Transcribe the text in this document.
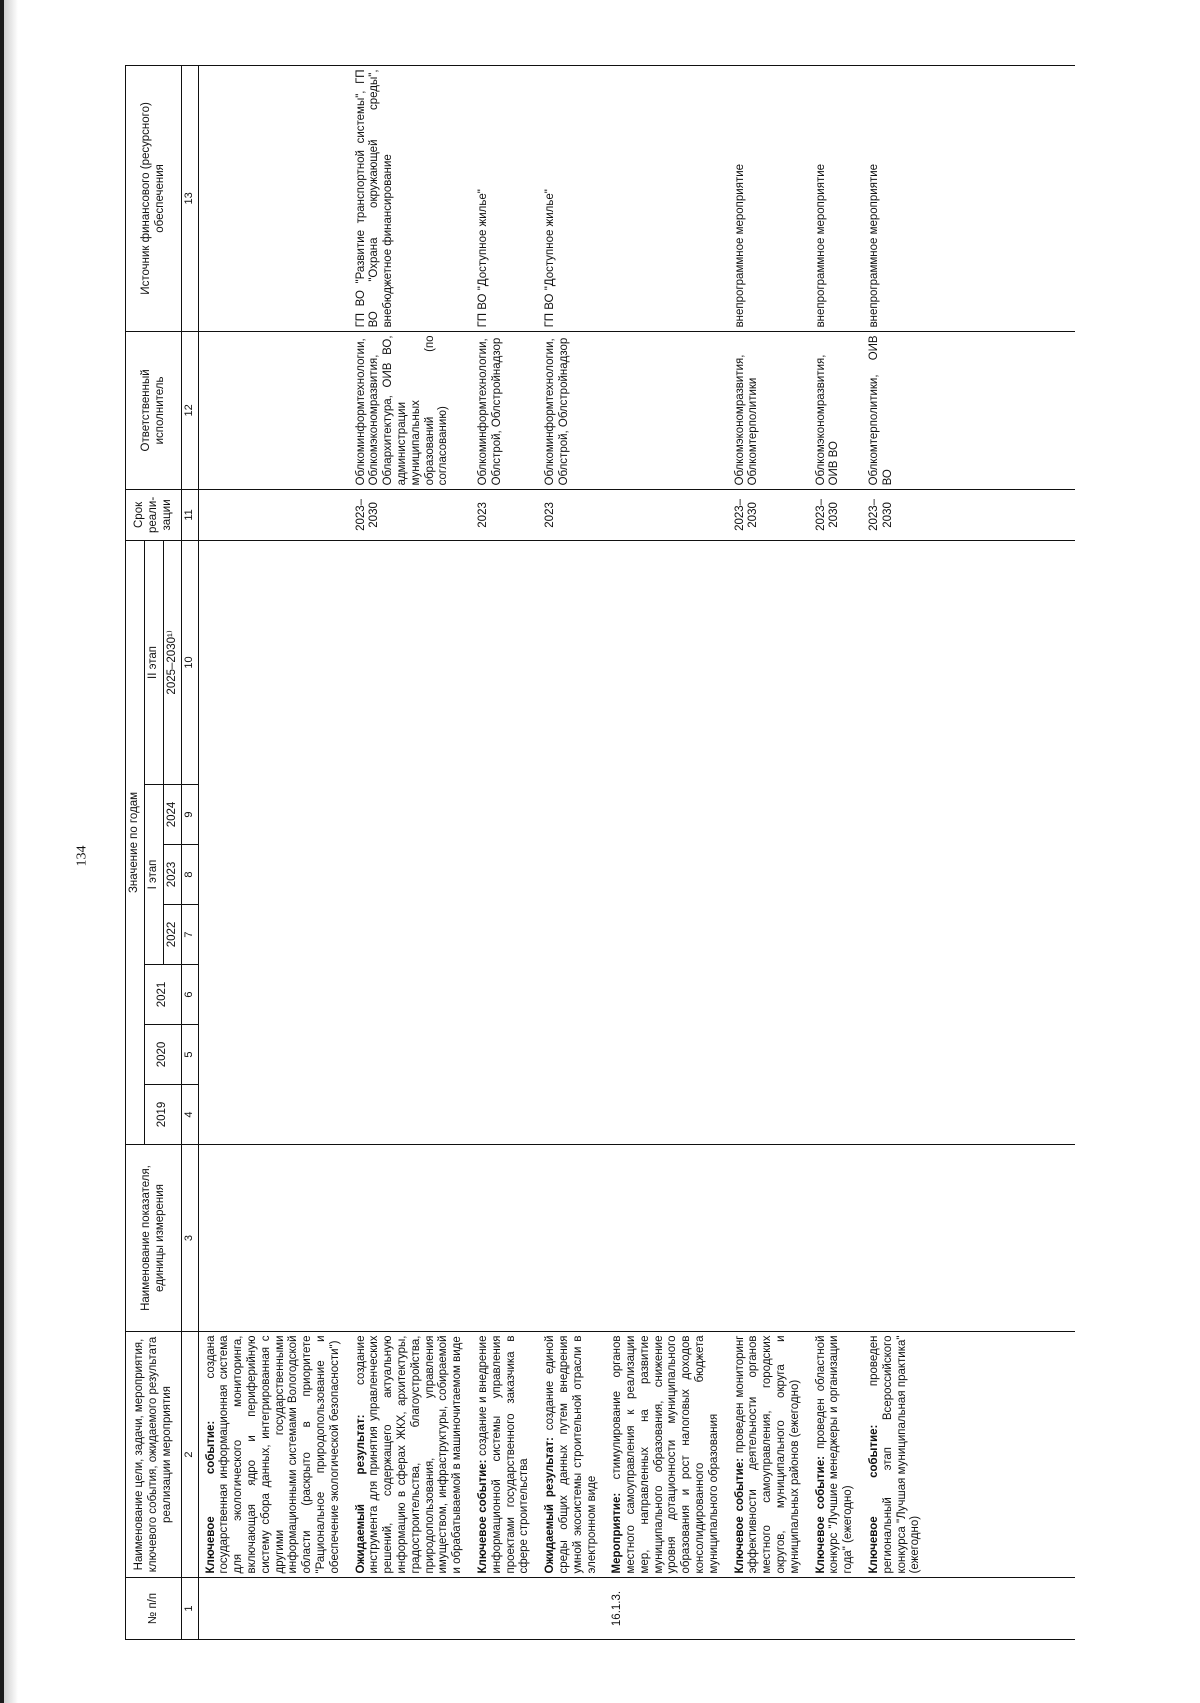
134
№ п/п	Наименование цели, задачи, мероприятия, ключевого события, ожидаемого результата реализации мероприятия	Наименование показателя, единицы измерения	Значение по годам							Срок реали-зации	Ответственный исполнитель	Источник финансового (ресурсного) обеспечения
			2019	2020	2021	I этап			II этап			
						2022	2023	2024	2025–2030¹⁾			
1	2	3	4	5	6	7	8	9	10	11	12	13
	Ключевое событие: создана государственная информационная система для экологического мониторинга, включающая ядро и периферийную систему сбора данных, интегрированная с другими государственными информационными системами Вологодской области (раскрыто в приоритете "Рациональное природопользование и обеспечение экологической безопасности")											
	Ожидаемый результат: создание инструмента для принятия управленческих решений, содержащего актуальную информацию в сферах ЖКХ, архитектуры, градостроительства, благоустройства, природопользования, управления имуществом, инфраструктуры, собираемой и обрабатываемой в машиночитаемом виде									2023–2030	Облкоминформтехнологии, Облкомэкономразвития, Облархитектура, ОИВ ВО, администрации муниципальных образований (по согласованию)	ГП ВО "Развитие транспортной системы", ГП ВО "Охрана окружающей среды", внебюджетное финансирование
	Ключевое событие: создание и внедрение информационной системы управления проектами государственного заказчика в сфере строительства									2023	Облкоминформтехнологии, Облстрой, Облстройнадзор	ГП ВО "Доступное жилье"
	Ожидаемый результат: создание единой среды общих данных путем внедрения умной экосистемы строительной отрасли в электронном виде									2023	Облкоминформтехнологии, Облстрой, Облстройнадзор	ГП ВО "Доступное жилье"
16.1.3.	Мероприятие: стимулирование органов местного самоуправления к реализации мер, направленных на развитие муниципального образования, снижение уровня дотационности муниципального образования и рост налоговых доходов консолидированного бюджета муниципального образования											
	Ключевое событие: проведен мониторинг эффективности деятельности органов местного самоуправления, городских округов, муниципального округа и муниципальных районов (ежегодно)									2023–2030	Облкомэкономразвития, Облкомтерполитики	внепрограммное мероприятие
	Ключевое событие: проведен областной конкурс "Лучшие менеджеры и организации года" (ежегодно)									2023–2030	Облкомэкономразвития, ОИВ ВО	внепрограммное мероприятие
	Ключевое событие: проведен региональный этап Всероссийского конкурса "Лучшая муниципальная практика" (ежегодно)									2023–2030	Облкомтерполитики, ОИВ ВО	внепрограммное мероприятие
